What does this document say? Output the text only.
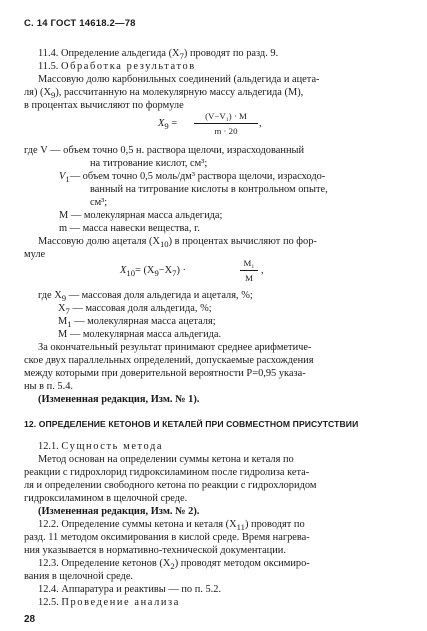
С. 14 ГОСТ 14618.2—78
11.4. Определение альдегида $(X_7)$ проводят по разд. 9.
11.5. Обработка результатов
Массовую долю карбонильных соединений (альдегида и ацета-
ля) $(X_9)$, рассчитанную на молекулярную массу альдегида (M),
в процентах вычисляют по формуле
$X_9$ =
(V−V₁) · M
m · 20
,
где V — объем точно 0,5 н. раствора щелочи, израсходованный
на титрование кислот, см³;
$V_1—$ объем точно 0,5 моль/дм³ раствора щелочи, израсходо-
ванный на титрование кислоты в контрольном опыте,
см³;
M — молекулярная масса альдегида;
m — масса навески вещества, г.
Массовую долю ацеталя $(X_{10})$ в процентах вычисляют по фор-
муле
$X_{10}= (X_9-X_7)$ ·
M₁
M
,
где $X_9$ — массовая доля альдегида и ацеталя, %;
$X_7$ — массовая доля альдегида, %;
$M_1$ — молекулярная масса ацеталя;
M — молекулярная масса альдегида.
За окончательный результат принимают среднее арифметиче-
ское двух параллельных определений, допускаемые расхождения
между которыми при доверительной вероятности P=0,95 указа-
ны в п. 5.4.
(Измененная редакция, Изм. № 1).
12. ОПРЕДЕЛЕНИЕ КЕТОНОВ И КЕТАЛЕЙ ПРИ СОВМЕСТНОМ ПРИСУТСТВИИ
12.1. Сущность метода
Метод основан на определении суммы кетона и кеталя по
реакции с гидрохлорид гидроксиламином после гидролиза кета-
ля и определении свободного кетона по реакции с гидрохлоридом
гидроксиламином в щелочной среде.
(Измененная редакция, Изм. № 2).
12.2. Определение суммы кетона и кеталя $(X_{11})$ проводят по
разд. 11 методом оксимирования в кислой среде. Время нагрева-
ния указывается в нормативно-технической документации.
12.3. Определение кетонов $(X_2)$ проводят методом оксимиро-
вания в щелочной среде.
12.4. Аппаратура и реактивы — по п. 5.2.
12.5. Проведение анализа
28
